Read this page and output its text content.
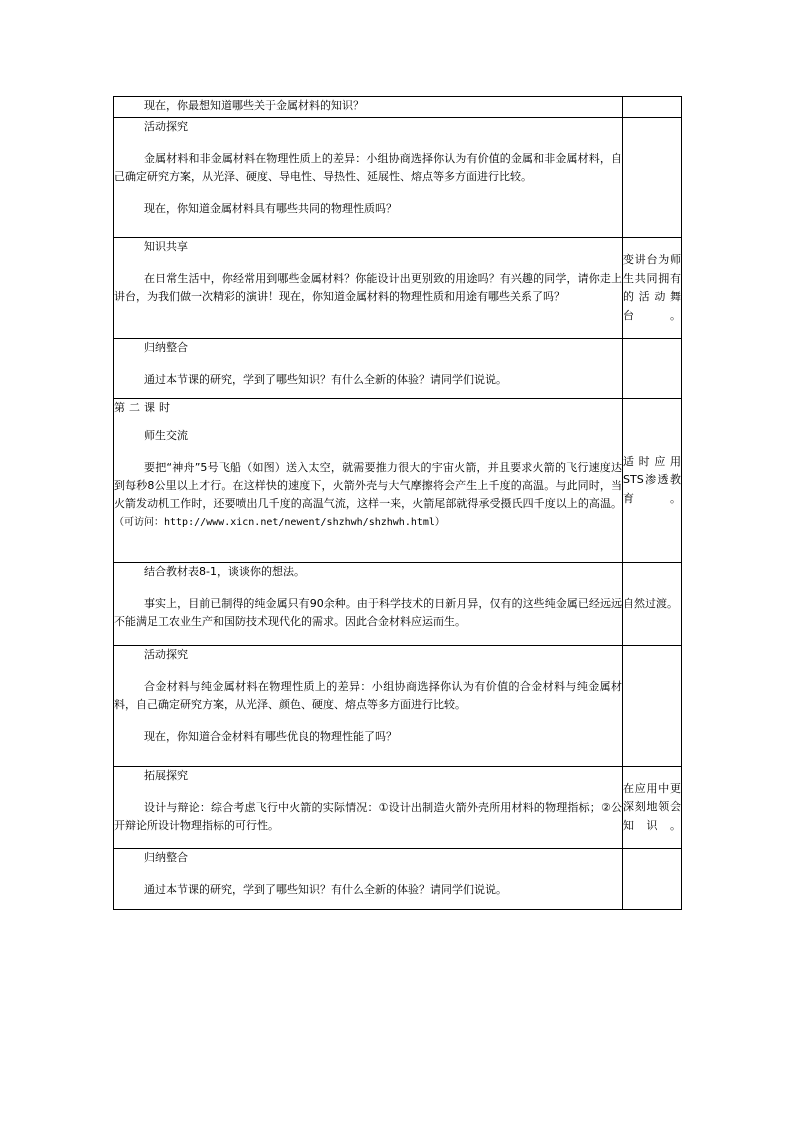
现在，你最想知道哪些关于金属材料的知识？	

活动探究

金属材料和非金属材料在物理性质上的差异：小组协商选择你认为有价值的金属和非金属材料，自己确定研究方案，从光泽、硬度、导电性、导热性、延展性、熔点等多方面进行比较。

现在，你知道金属材料具有哪些共同的物理性质吗？	

知识共享

在日常生活中，你经常用到哪些金属材料？你能设计出更别致的用途吗？有兴趣的同学，请你走上讲台，为我们做一次精彩的演讲！现在，你知道金属材料的物理性质和用途有哪些关系了吗？	变讲台为师生共同拥有的活动舞台。

归纳整合

通过本节课的研究，学到了哪些知识？有什么全新的体验？请同学们说说。	

第二课时
师生交流

要把“神舟”5号飞船（如图）送入太空，就需要推力很大的宇宙火箭，并且要求火箭的飞行速度达到每秒8公里以上才行。在这样快的速度下，火箭外壳与大气摩擦将会产生上千度的高温。与此同时，当火箭发动机工作时，还要喷出几千度的高温气流，这样一来，火箭尾部就得承受摄氏四千度以上的高温。（可访问：http://www.xicn.net/newent/shzhwh/shzhwh.html）	适时应用STS渗透教育。

结合教材表8-1，谈谈你的想法。

事实上，目前已制得的纯金属只有90余种。由于科学技术的日新月异，仅有的这些纯金属已经远远不能满足工农业生产和国防技术现代化的需求。因此合金材料应运而生。	自然过渡。

活动探究

合金材料与纯金属材料在物理性质上的差异：小组协商选择你认为有价值的合金材料与纯金属材料，自己确定研究方案，从光泽、颜色、硬度、熔点等多方面进行比较。

现在，你知道合金材料有哪些优良的物理性能了吗？	

拓展探究

设计与辩论：综合考虑飞行中火箭的实际情况：①设计出制造火箭外壳所用材料的物理指标；②公开辩论所设计物理指标的可行性。	在应用中更深刻地领会知识。

归纳整合

通过本节课的研究，学到了哪些知识？有什么全新的体验？请同学们说说。	
